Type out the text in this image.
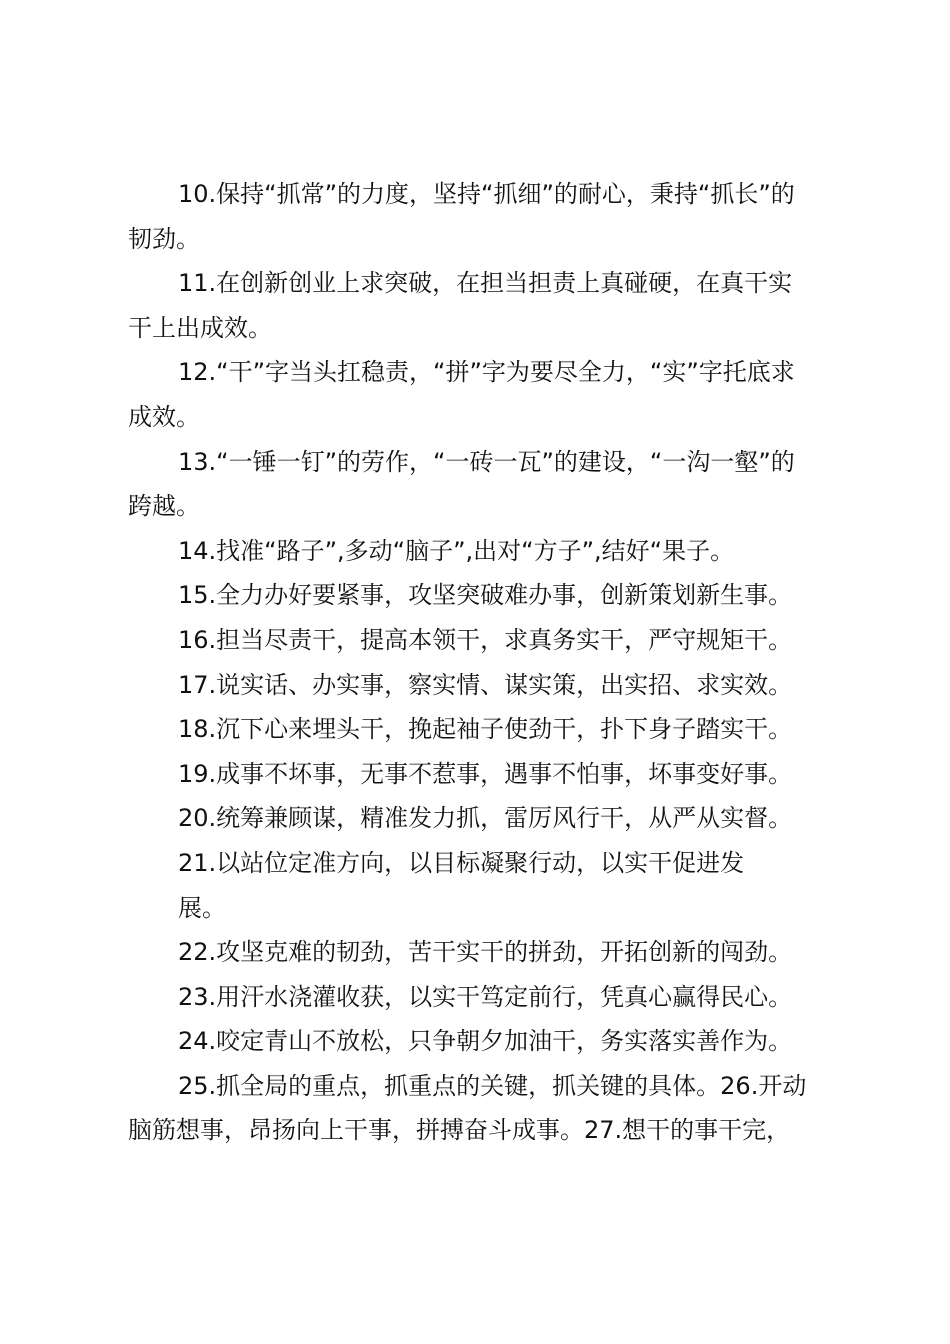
10.保持“抓常”的力度，坚持“抓细”的耐心，秉持“抓长”的
韧劲。
11.在创新创业上求突破，在担当担责上真碰硬，在真干实
干上出成效。
12.“干”字当头扛稳责，“拼”字为要尽全力，“实”字托底求
成效。
13.“一锤一钉”的劳作，“一砖一瓦”的建设，“一沟一壑”的
跨越。
14.找准“路子”,多动“脑子”,出对“方子”,结好“果子。
15.全力办好要紧事，攻坚突破难办事，创新策划新生事。
16.担当尽责干，提高本领干，求真务实干，严守规矩干。
17.说实话、办实事，察实情、谋实策，出实招、求实效。
18.沉下心来埋头干，挽起袖子使劲干，扑下身子踏实干。
19.成事不坏事，无事不惹事，遇事不怕事，坏事变好事。
20.统筹兼顾谋，精准发力抓，雷厉风行干，从严从实督。
21.以站位定准方向，以目标凝聚行动，以实干促进发
展。
22.攻坚克难的韧劲，苦干实干的拼劲，开拓创新的闯劲。
23.用汗水浇灌收获，以实干笃定前行，凭真心赢得民心。
24.咬定青山不放松，只争朝夕加油干，务实落实善作为。
25.抓全局的重点，抓重点的关键，抓关键的具体。26.开动
脑筋想事，昂扬向上干事，拼搏奋斗成事。27.想干的事干完，
